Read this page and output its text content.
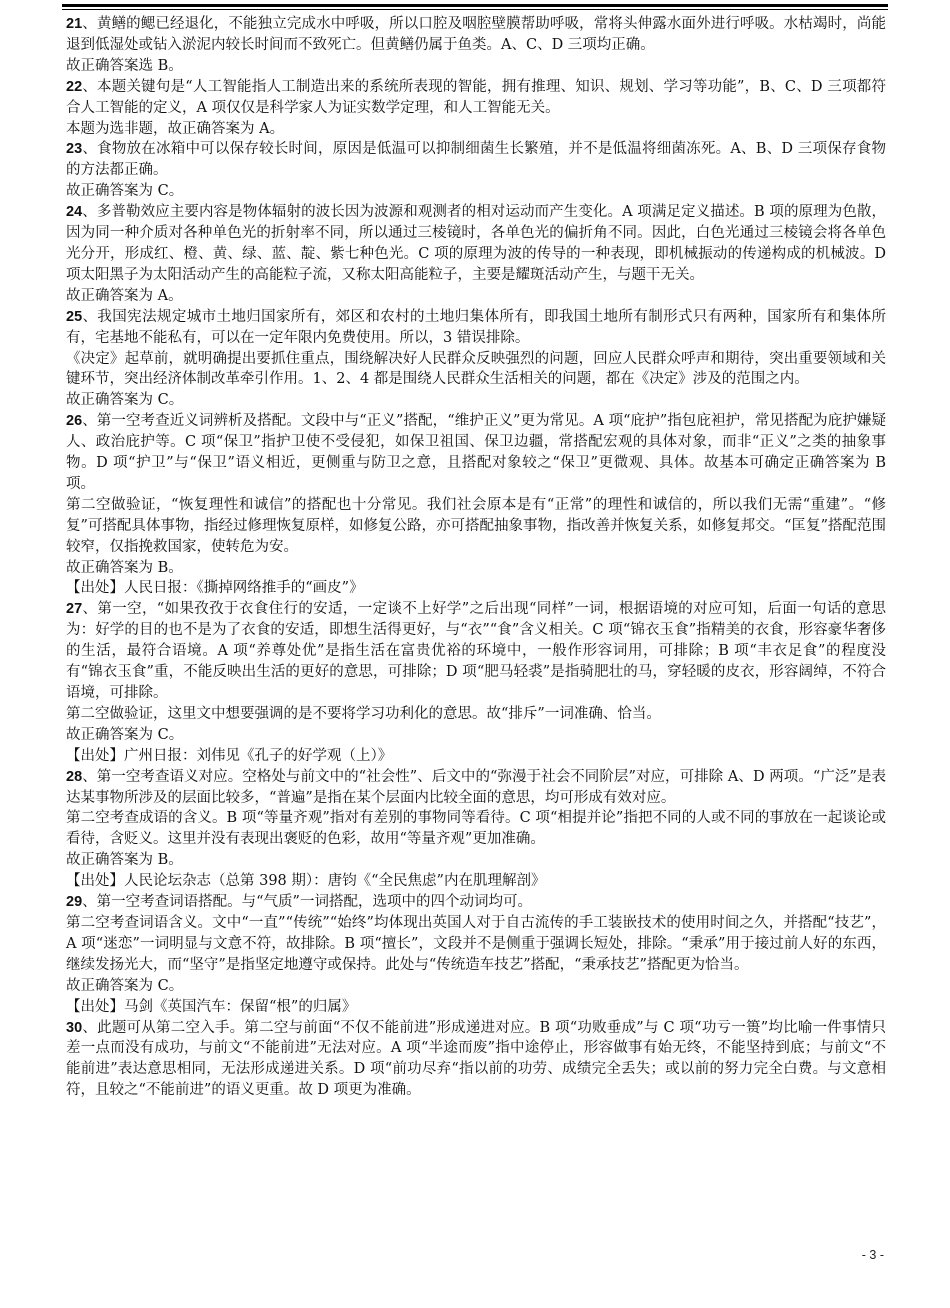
21、黄鳝的鳃已经退化，不能独立完成水中呼吸，所以口腔及咽腔壁膜帮助呼吸，常将头伸露水面外进行呼吸。水枯竭时，尚能退到低湿处或钻入淤泥内较长时间而不致死亡。但黄鳝仍属于鱼类。A、C、D 三项均正确。

故正确答案选 B。

22、本题关键句是“人工智能指人工制造出来的系统所表现的智能，拥有推理、知识、规划、学习等功能”，B、C、D 三项都符合人工智能的定义，A 项仅仅是科学家人为证实数学定理，和人工智能无关。

本题为选非题，故正确答案为 A。

23、食物放在冰箱中可以保存较长时间，原因是低温可以抑制细菌生长繁殖，并不是低温将细菌冻死。A、B、D 三项保存食物的方法都正确。

故正确答案为 C。

24、多普勒效应主要内容是物体辐射的波长因为波源和观测者的相对运动而产生变化。A 项满足定义描述。B 项的原理为色散，因为同一种介质对各种单色光的折射率不同，所以通过三棱镜时，各单色光的偏折角不同。因此，白色光通过三棱镜会将各单色光分开，形成红、橙、黄、绿、蓝、靛、紫七种色光。C 项的原理为波的传导的一种表现，即机械振动的传递构成的机械波。D 项太阳黑子为太阳活动产生的高能粒子流，又称太阳高能粒子，主要是耀斑活动产生，与题干无关。

故正确答案为 A。

25、我国宪法规定城市土地归国家所有，郊区和农村的土地归集体所有，即我国土地所有制形式只有两种，国家所有和集体所有，宅基地不能私有，可以在一定年限内免费使用。所以，3 错误排除。

《决定》起草前，就明确提出要抓住重点，围绕解决好人民群众反映强烈的问题，回应人民群众呼声和期待，突出重要领域和关键环节，突出经济体制改革牵引作用。1、2、4 都是围绕人民群众生活相关的问题，都在《决定》涉及的范围之内。

故正确答案为 C。

26、第一空考查近义词辨析及搭配。文段中与“正义”搭配，“维护正义”更为常见。A 项“庇护”指包庇袒护，常见搭配为庇护嫌疑人、政治庇护等。C 项“保卫”指护卫使不受侵犯，如保卫祖国、保卫边疆，常搭配宏观的具体对象，而非“正义”之类的抽象事物。D 项“护卫”与“保卫”语义相近，更侧重与防卫之意，且搭配对象较之“保卫”更微观、具体。故基本可确定正确答案为 B 项。

第二空做验证，“恢复理性和诚信”的搭配也十分常见。我们社会原本是有“正常”的理性和诚信的，所以我们无需“重建”。“修复”可搭配具体事物，指经过修理恢复原样，如修复公路，亦可搭配抽象事物，指改善并恢复关系，如修复邦交。“匡复”搭配范围较窄，仅指挽救国家，使转危为安。

故正确答案为 B。

【出处】人民日报：《撕掉网络推手的“画皮”》

27、第一空，“如果孜孜于衣食住行的安适，一定谈不上好学”之后出现“同样”一词，根据语境的对应可知，后面一句话的意思为：好学的目的也不是为了衣食的安适，即想生活得更好，与“衣”“食”含义相关。C 项“锦衣玉食”指精美的衣食，形容豪华奢侈的生活，最符合语境。A 项“养尊处优”是指生活在富贵优裕的环境中，一般作形容词用，可排除；B 项“丰衣足食”的程度没有“锦衣玉食”重，不能反映出生活的更好的意思，可排除；D 项“肥马轻裘”是指骑肥壮的马，穿轻暖的皮衣，形容阔绰，不符合语境，可排除。

第二空做验证，这里文中想要强调的是不要将学习功利化的意思。故“排斥”一词准确、恰当。

故正确答案为 C。

【出处】广州日报：刘伟见《孔子的好学观（上）》

28、第一空考查语义对应。空格处与前文中的“社会性”、后文中的“弥漫于社会不同阶层”对应，可排除 A、D 两项。“广泛”是表达某事物所涉及的层面比较多，“普遍”是指在某个层面内比较全面的意思，均可形成有效对应。

第二空考查成语的含义。B 项“等量齐观”指对有差别的事物同等看待。C 项“相提并论”指把不同的人或不同的事放在一起谈论或看待，含贬义。这里并没有表现出褒贬的色彩，故用“等量齐观”更加准确。

故正确答案为 B。

【出处】人民论坛杂志（总第 398 期）：唐钧《“全民焦虑”内在肌理解剖》

29、第一空考查词语搭配。与“气质”一词搭配，选项中的四个动词均可。

第二空考查词语含义。文中“一直”“传统”“始终”均体现出英国人对于自古流传的手工装嵌技术的使用时间之久，并搭配“技艺”，A 项“迷恋”一词明显与文意不符，故排除。B 项“擅长”，文段并不是侧重于强调长短处，排除。“秉承”用于接过前人好的东西，继续发扬光大，而“坚守”是指坚定地遵守或保持。此处与“传统造车技艺”搭配，“秉承技艺”搭配更为恰当。

故正确答案为 C。

【出处】马剑《英国汽车：保留“根”的归属》

30、此题可从第二空入手。第二空与前面“不仅不能前进”形成递进对应。B 项“功败垂成”与 C 项“功亏一篑”均比喻一件事情只差一点而没有成功，与前文“不能前进”无法对应。A 项“半途而废”指中途停止，形容做事有始无终，不能坚持到底；与前文“不能前进”表达意思相同，无法形成递进关系。D 项“前功尽弃“指以前的功劳、成绩完全丢失；或以前的努力完全白费。与文意相符，且较之“不能前进”的语义更重。故 D 项更为准确。

- 3 -
